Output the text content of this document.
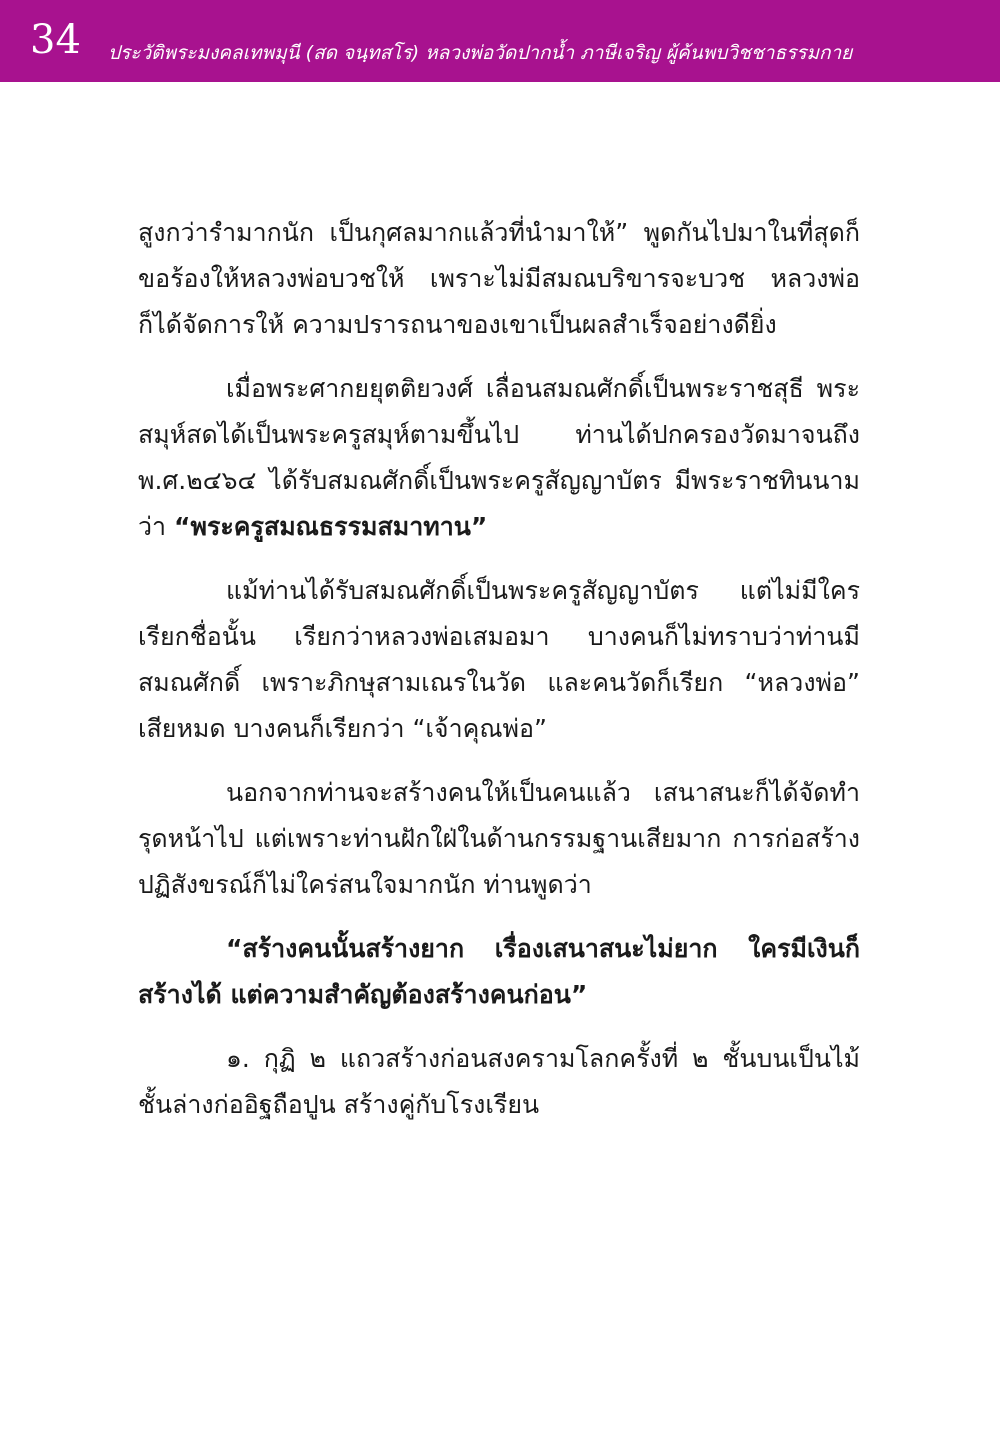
34 ประวัติพระมงคลเทพมุนี (สด จนฺทสโร) หลวงพ่อวัดปากน้ำ ภาษีเจริญ ผู้ค้นพบวิชชาธรรมกาย

สูงกว่ารำมากนัก เป็นกุศลมากแล้วที่นำมาให้” พูดกันไปมาในที่สุดก็ขอร้องให้หลวงพ่อบวชให้ เพราะไม่มีสมณบริขารจะบวช หลวงพ่อก็ได้จัดการให้ ความปรารถนาของเขาเป็นผลสำเร็จอย่างดียิ่ง

เมื่อพระศากยยุตติยวงศ์ เลื่อนสมณศักดิ์เป็นพระราชสุธี พระสมุห์สดได้เป็นพระครูสมุห์ตามขึ้นไป ท่านได้ปกครองวัดมาจนถึง พ.ศ.๒๔๖๔ ได้รับสมณศักดิ์เป็นพระครูสัญญาบัตร มีพระราชทินนามว่า “พระครูสมณธรรมสมาทาน”

แม้ท่านได้รับสมณศักดิ์เป็นพระครูสัญญาบัตร แต่ไม่มีใครเรียกชื่อนั้น เรียกว่าหลวงพ่อเสมอมา บางคนก็ไม่ทราบว่าท่านมีสมณศักดิ์ เพราะภิกษุสามเณรในวัด และคนวัดก็เรียก “หลวงพ่อ” เสียหมด บางคนก็เรียกว่า “เจ้าคุณพ่อ”

นอกจากท่านจะสร้างคนให้เป็นคนแล้ว เสนาสนะก็ได้จัดทำรุดหน้าไป แต่เพราะท่านฝักใฝ่ในด้านกรรมฐานเสียมาก การก่อสร้างปฏิสังขรณ์ก็ไม่ใคร่สนใจมากนัก ท่านพูดว่า

“สร้างคนนั้นสร้างยาก เรื่องเสนาสนะไม่ยาก ใครมีเงินก็สร้างได้ แต่ความสำคัญต้องสร้างคนก่อน”

๑. กุฏิ ๒ แถวสร้างก่อนสงครามโลกครั้งที่ ๒ ชั้นบนเป็นไม้ ชั้นล่างก่ออิฐถือปูน สร้างคู่กับโรงเรียน
